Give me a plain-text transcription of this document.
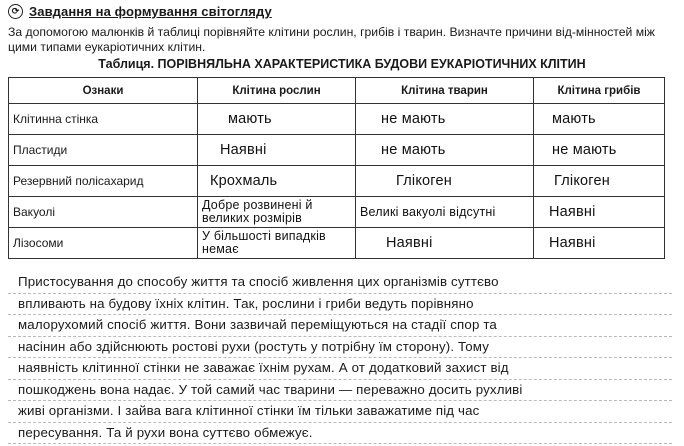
⟳ Завдання на формування світогляду
За допомогою малюнків й таблиці порівняйте клітини рослин, грибів і тварин. Визначте причини від-мінностей між цими типами еукаріотичних клітин.
Таблиця. ПОРІВНЯЛЬНА ХАРАКТЕРИСТИКА БУДОВИ ЕУКАРІОТИЧНИХ КЛІТИН
Ознаки	Клітина рослин	Клітина тварин	Клітина грибів
Клітинна стінка	мають	не мають	мають
Пластиди	Наявні	не мають	не мають
Резервний полісахарид	Крохмаль	Глікоген	Глікоген
Вакуолі	Добре розвинені й великих розмірів	Великі вакуолі відсутні	Наявні
Лізосоми	У більшості випадків немає	Наявні	Наявні
Пристосування до способу життя та спосіб живлення цих організмів суттєво
впливають на будову їхніх клітин. Так, рослини і гриби ведуть порівняно
малорухомий спосіб життя. Вони зазвичай переміщуються на стадії спор та
насінин або здійснюють ростові рухи (ростуть у потрібну їм сторону). Тому
наявність клітинної стінки не заважає їхнім рухам. А от додатковий захист від
пошкоджень вона надає. У той самий час тварини — переважно досить рухливі
живі організми. І зайва вага клітинної стінки їм тільки заважатиме під час
пересування. Та й рухи вона суттєво обмежує.
